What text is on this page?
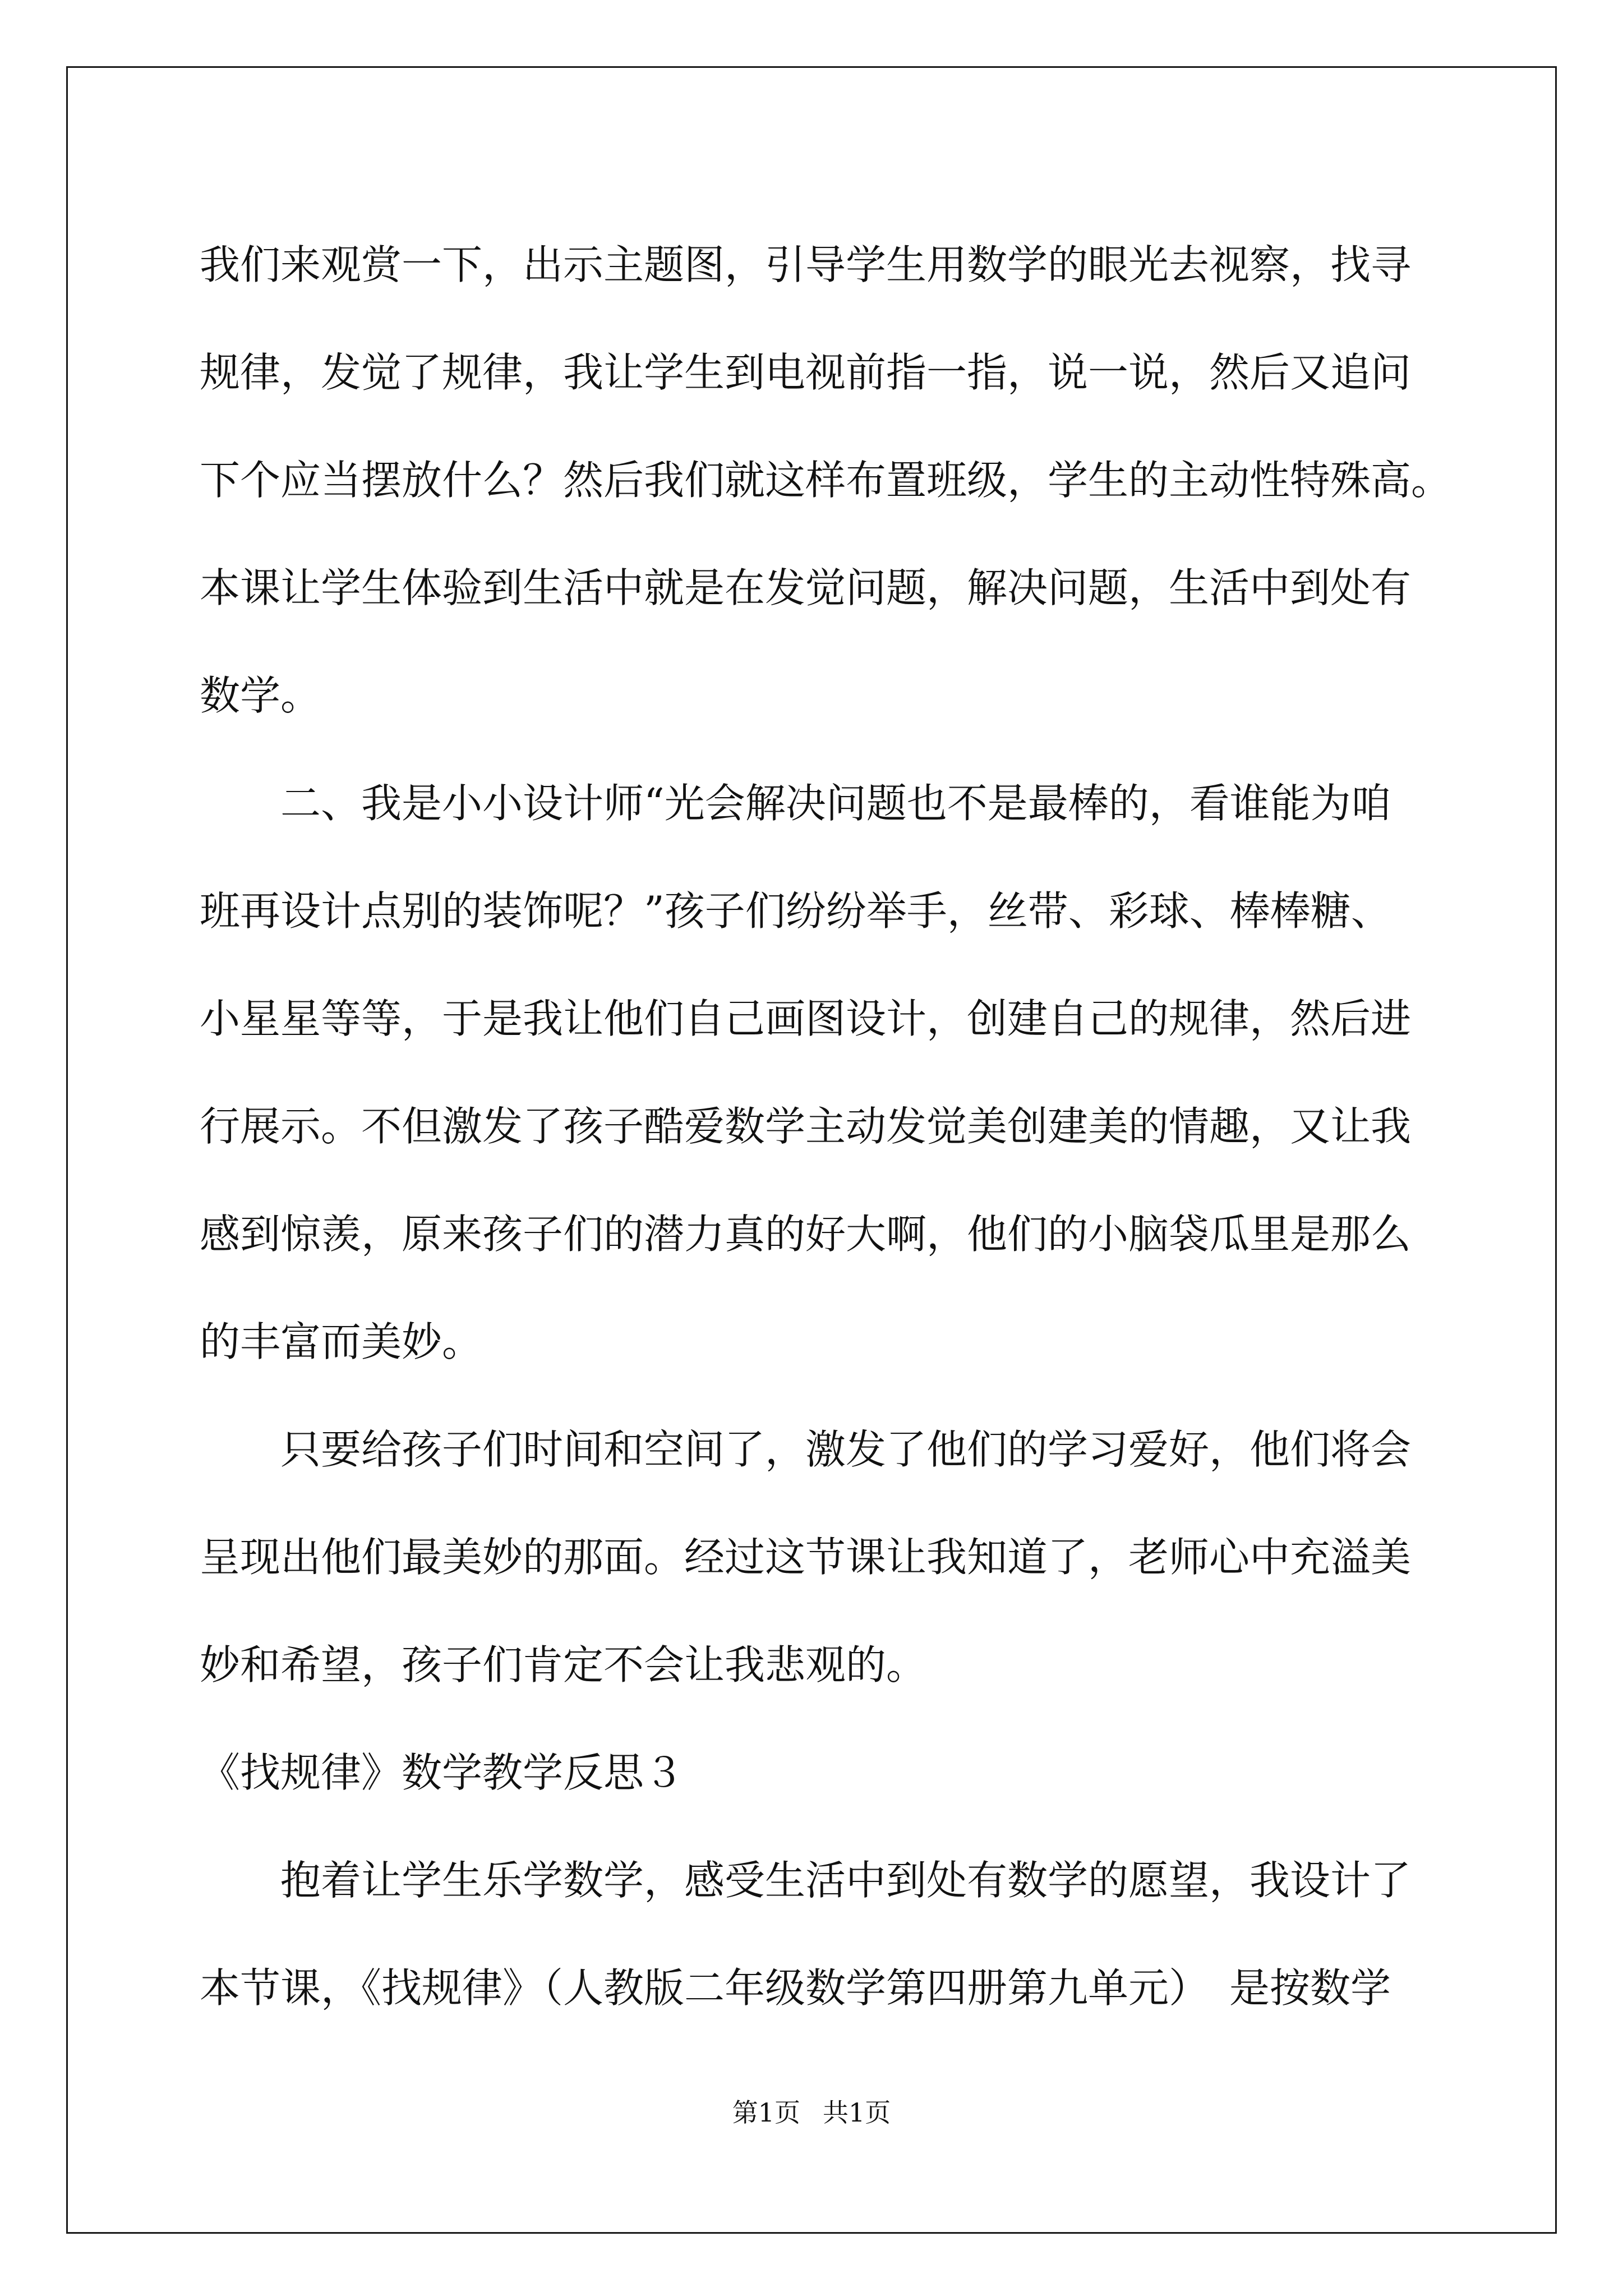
我们来观赏一下，出示主题图，引导学生用数学的眼光去视察，找寻
规律，发觉了规律，我让学生到电视前指一指，说一说，然后又追问
下个应当摆放什么？然后我们就这样布置班级，学生的主动性特殊高。
本课让学生体验到生活中就是在发觉问题，解决问题，生活中到处有
数学。
二、我是小小设计师“光会解决问题也不是最棒的，看谁能为咱
班再设计点别的装饰呢？”孩子们纷纷举手，丝带、彩球、棒棒糖、
小星星等等，于是我让他们自己画图设计，创建自己的规律，然后进
行展示。不但激发了孩子酷爱数学主动发觉美创建美的情趣，又让我
感到惊羡，原来孩子们的潜力真的好大啊，他们的小脑袋瓜里是那么
的丰富而美妙。
只要给孩子们时间和空间了，激发了他们的学习爱好，他们将会
呈现出他们最美妙的那面。经过这节课让我知道了，老师心中充溢美
妙和希望，孩子们肯定不会让我悲观的。
《找规律》数学教学反思３
抱着让学生乐学数学，感受生活中到处有数学的愿望，我设计了
本节课，《找规律》（人教版二年级数学第四册第九单元）　是按数学
第1页 共1页
